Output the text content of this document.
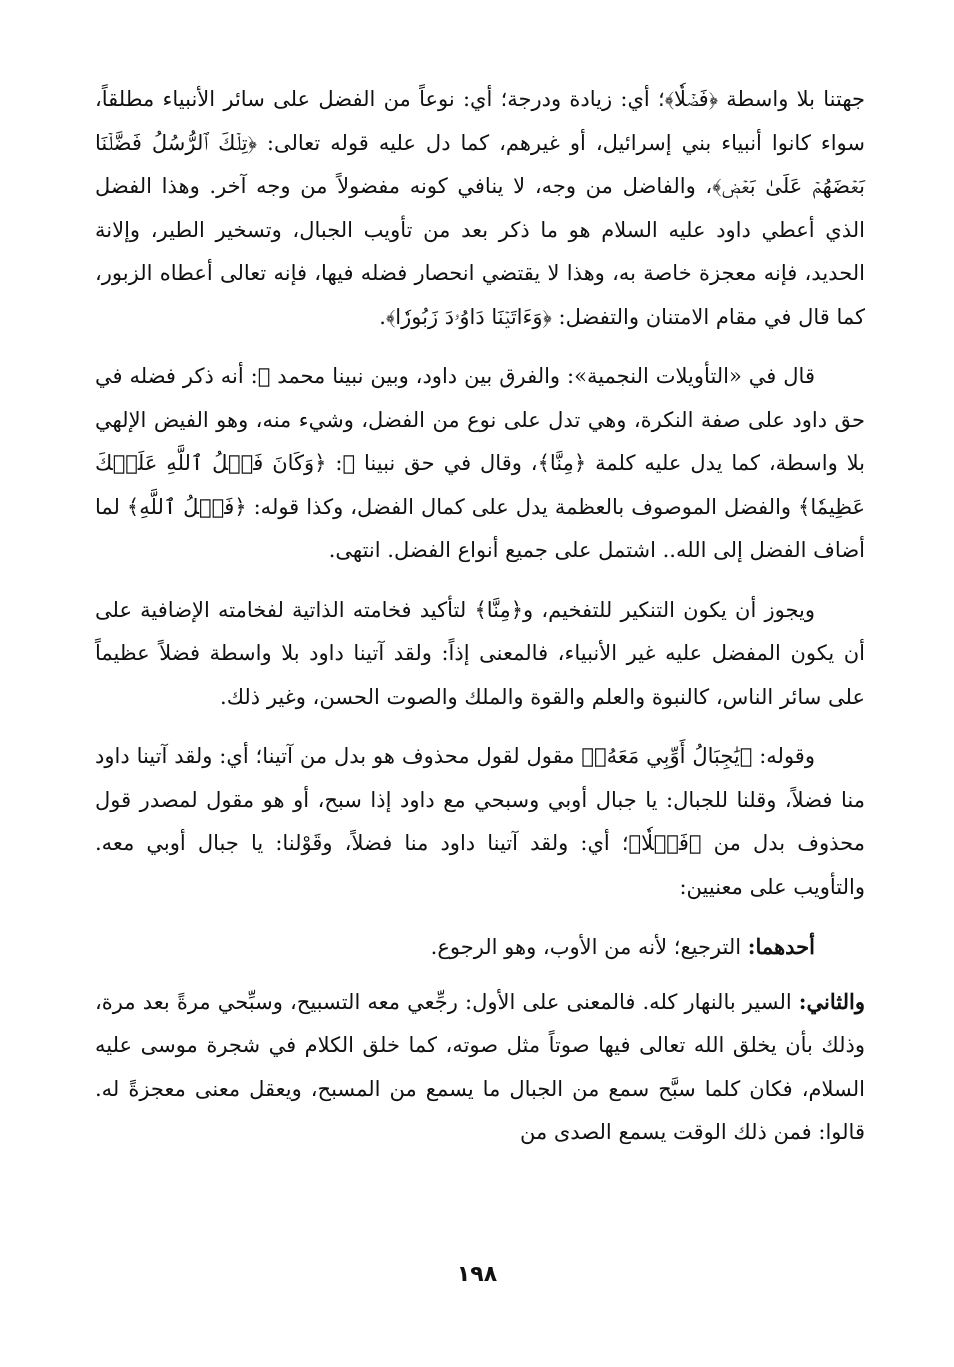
جهتنا بلا واسطة ﴿فَضۡلٗا﴾؛ أي: زيادة ودرجة؛ أي: نوعاً من الفضل على سائر الأنبياء مطلقاً، سواء كانوا أنبياء بني إسرائيل، أو غيرهم، كما دل عليه قوله تعالى: ﴿تِلۡكَ ٱلرُّسُلُ فَضَّلۡنَا بَعۡضَهُمۡ عَلَىٰ بَعۡضٖ﴾، والفاضل من وجه، لا ينافي كونه مفضولاً من وجه آخر. وهذا الفضل الذي أعطي داود عليه السلام هو ما ذكر بعد من تأويب الجبال، وتسخير الطير، وإلانة الحديد، فإنه معجزة خاصة به، وهذا لا يقتضي انحصار فضله فيها، فإنه تعالى أعطاه الزبور، كما قال في مقام الامتنان والتفضل: ﴿وَءَاتَيۡنَا دَاوُۥدَ زَبُورٗا﴾.

قال في «التأويلات النجمية»: والفرق بين داود، وبين نبينا محمد ﷺ: أنه ذكر فضله في حق داود على صفة النكرة، وهي تدل على نوع من الفضل، وشيء منه، وهو الفيض الإلهي بلا واسطة، كما يدل عليه كلمة ﴿مِنَّا﴾، وقال في حق نبينا ﷺ: ﴿وَكَانَ فَضۡلُ ٱللَّهِ عَلَيۡكَ عَظِيمٗا﴾ والفضل الموصوف بالعظمة يدل على كمال الفضل، وكذا قوله: ﴿فَضۡلُ ٱللَّهِ﴾ لما أضاف الفضل إلى الله.. اشتمل على جميع أنواع الفضل. انتهى.

ويجوز أن يكون التنكير للتفخيم، و﴿مِنَّا﴾ لتأكيد فخامته الذاتية لفخامته الإضافية على أن يكون المفضل عليه غير الأنبياء، فالمعنى إذاً: ولقد آتينا داود بلا واسطة فضلاً عظيماً على سائر الناس، كالنبوة والعلم والقوة والملك والصوت الحسن، وغير ذلك.

وقوله: ﴿يَٰجِبَالُ أَوِّبِي مَعَهُۥ﴾ مقول لقول محذوف هو بدل من آتينا؛ أي: ولقد آتينا داود منا فضلاً، وقلنا للجبال: يا جبال أوبي وسبحي مع داود إذا سبح، أو هو مقول لمصدر قول محذوف بدل من ﴿فَضۡلٗا﴾؛ أي: ولقد آتينا داود منا فضلاً، وقَوْلنا: يا جبال أوبي معه. والتأويب على معنيين:

أحدهما: الترجيع؛ لأنه من الأوب، وهو الرجوع.

والثاني: السير بالنهار كله. فالمعنى على الأول: رجِّعي معه التسبيح، وسبِّحي مرةً بعد مرة، وذلك بأن يخلق الله تعالى فيها صوتاً مثل صوته، كما خلق الكلام في شجرة موسى عليه السلام، فكان كلما سبَّح سمع من الجبال ما يسمع من المسبح، ويعقل معنى معجزةً له. قالوا: فمن ذلك الوقت يسمع الصدى من

١٩٨
